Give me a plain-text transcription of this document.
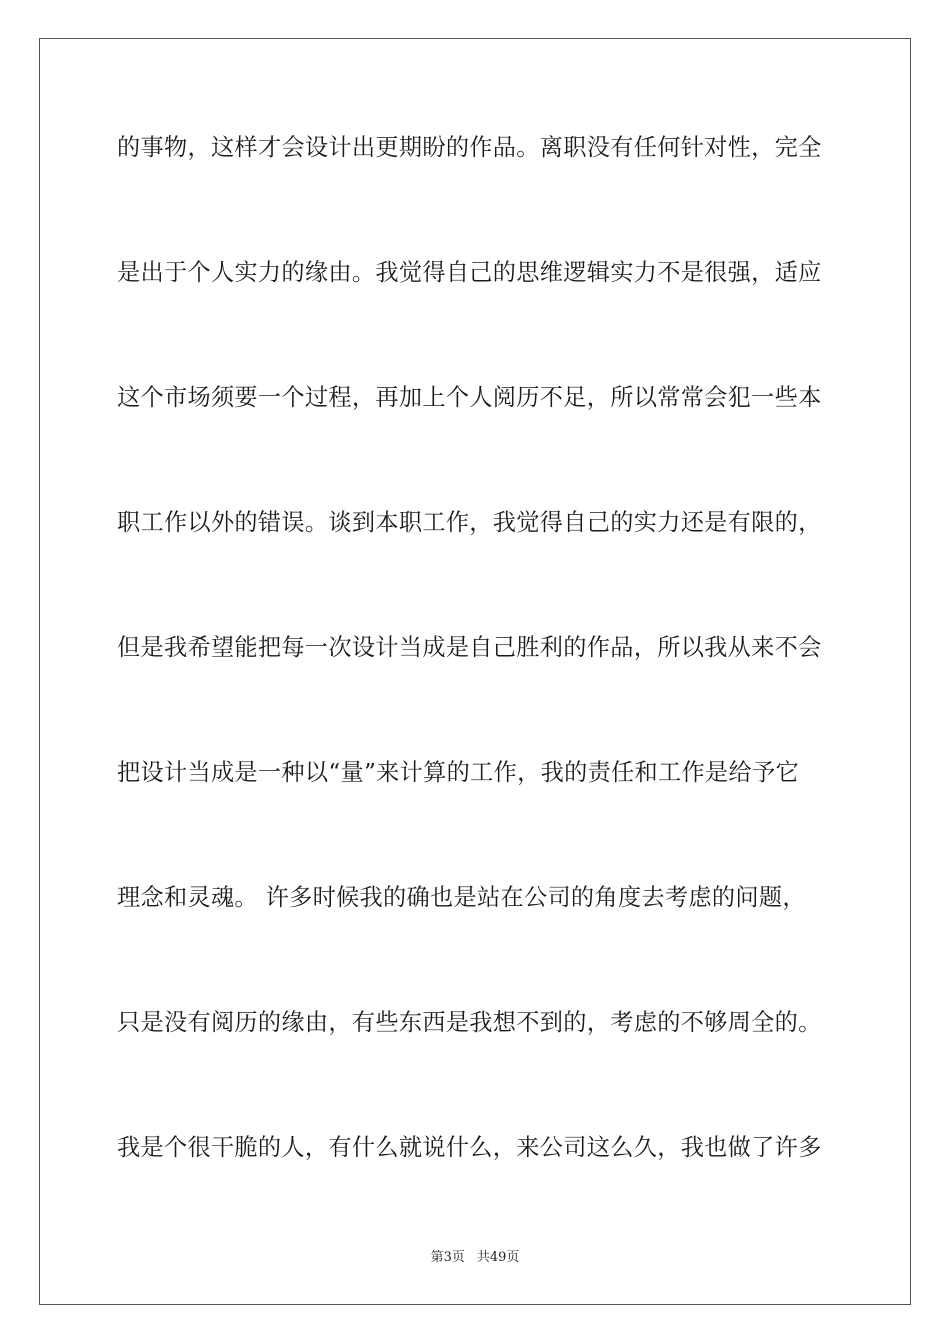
的事物，这样才会设计出更期盼的作品。离职没有任何针对性，完全
是出于个人实力的缘由。我觉得自己的思维逻辑实力不是很强，适应
这个市场须要一个过程，再加上个人阅历不足，所以常常会犯一些本
职工作以外的错误。谈到本职工作，我觉得自己的实力还是有限的，
但是我希望能把每一次设计当成是自己胜利的作品，所以我从来不会
把设计当成是一种以“量”来计算的工作，我的责任和工作是给予它
理念和灵魂。 许多时候我的确也是站在公司的角度去考虑的问题，
只是没有阅历的缘由，有些东西是我想不到的，考虑的不够周全的。
我是个很干脆的人，有什么就说什么，来公司这么久，我也做了许多
第3页 共49页
